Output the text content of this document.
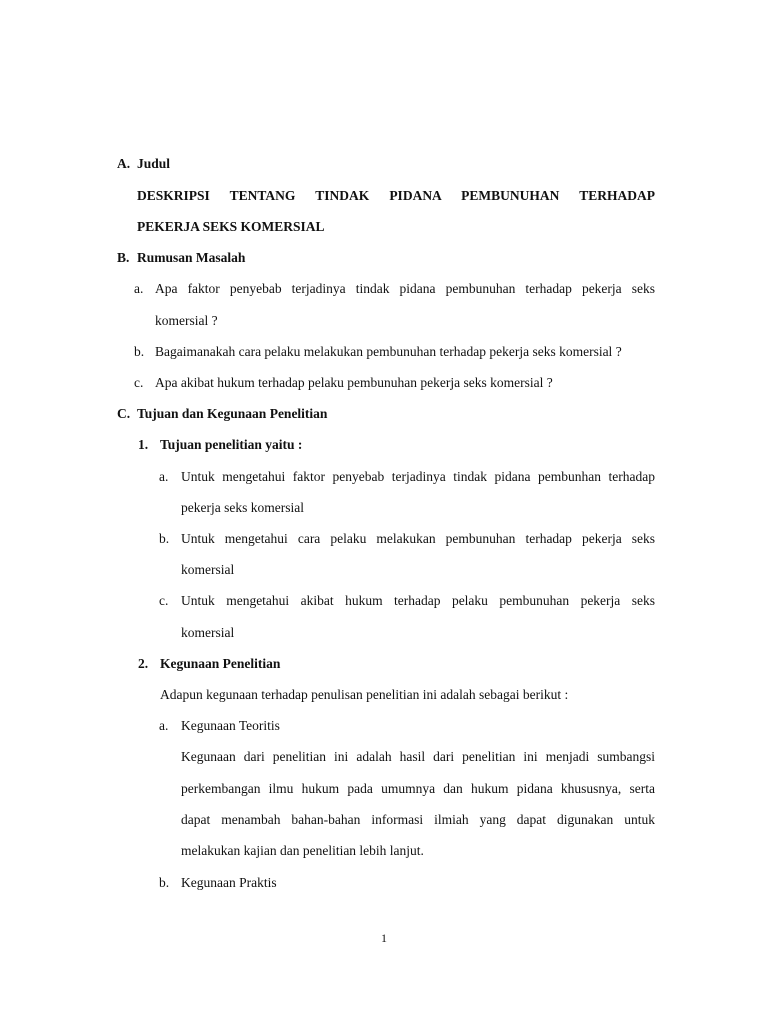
A. Judul
DESKRIPSI TENTANG TINDAK PIDANA PEMBUNUHAN TERHADAP
PEKERJA SEKS KOMERSIAL
B. Rumusan Masalah
a. Apa faktor penyebab terjadinya tindak pidana pembunuhan terhadap pekerja seks
komersial ?
b. Bagaimanakah cara pelaku melakukan pembunuhan terhadap pekerja seks komersial ?
c. Apa akibat hukum terhadap pelaku pembunuhan pekerja seks komersial ?
C. Tujuan dan Kegunaan Penelitian
1. Tujuan penelitian yaitu :
a. Untuk mengetahui faktor penyebab terjadinya tindak pidana pembunhan terhadap
pekerja seks komersial
b. Untuk mengetahui cara pelaku melakukan pembunuhan terhadap pekerja seks
komersial
c. Untuk mengetahui akibat hukum terhadap pelaku pembunuhan pekerja seks
komersial
2. Kegunaan Penelitian
Adapun kegunaan terhadap penulisan penelitian ini adalah sebagai berikut :
a. Kegunaan Teoritis
Kegunaan dari penelitian ini adalah hasil dari penelitian ini menjadi sumbangsi
perkembangan ilmu hukum pada umumnya dan hukum pidana khususnya, serta
dapat menambah bahan-bahan informasi ilmiah yang dapat digunakan untuk
melakukan kajian dan penelitian lebih lanjut.
b. Kegunaan Praktis
1
